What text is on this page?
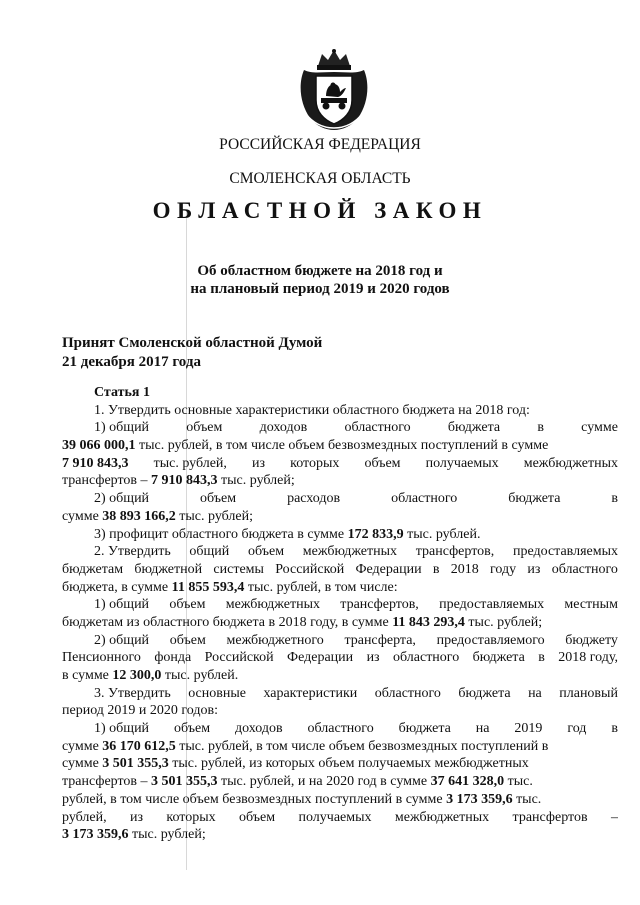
РОССИЙСКАЯ ФЕДЕРАЦИЯ
СМОЛЕНСКАЯ ОБЛАСТЬ
ОБЛАСТНОЙ ЗАКОН
Об областном бюджете на 2018 год и
на плановый период 2019 и 2020 годов
Принят Смоленской областной Думой
21 декабря 2017 года
Статья 1
1. Утвердить основные характеристики областного бюджета на 2018 год:
1) общий	объем	доходов	областного	бюджета	в	сумме
39 066 000,1 тыс. рублей, в том числе объем безвозмездных поступлений в сумме
7 910 843,3 тыс. рублей, из которых объем получаемых межбюджетных
трансфертов – 7 910 843,3 тыс. рублей;
2) общий	объем	расходов	областного	бюджета	в
сумме 38 893 166,2 тыс. рублей;
3) профицит областного бюджета в сумме 172 833,9 тыс. рублей.
2. Утвердить общий объем межбюджетных трансфертов, предоставляемых
бюджетам бюджетной системы Российской Федерации в 2018 году из областного
бюджета, в сумме 11 855 593,4 тыс. рублей, в том числе:
1) общий объем межбюджетных трансфертов, предоставляемых местным
бюджетам из областного бюджета в 2018 году, в сумме 11 843 293,4 тыс. рублей;
2) общий объем межбюджетного трансферта, предоставляемого бюджету
Пенсионного фонда Российской Федерации из областного бюджета в 2018 году,
в сумме 12 300,0 тыс. рублей.
3. Утвердить основные характеристики областного бюджета на плановый
период 2019 и 2020 годов:
1) общий объем доходов областного бюджета на 2019 год в
сумме 36 170 612,5 тыс. рублей, в том числе объем безвозмездных поступлений в
сумме 3 501 355,3 тыс. рублей, из которых объем получаемых межбюджетных
трансфертов – 3 501 355,3 тыс. рублей, и на 2020 год в сумме 37 641 328,0 тыс.
рублей, в том числе объем безвозмездных поступлений в сумме 3 173 359,6 тыс.
рублей, из которых объем получаемых межбюджетных трансфертов –
3 173 359,6 тыс. рублей;
